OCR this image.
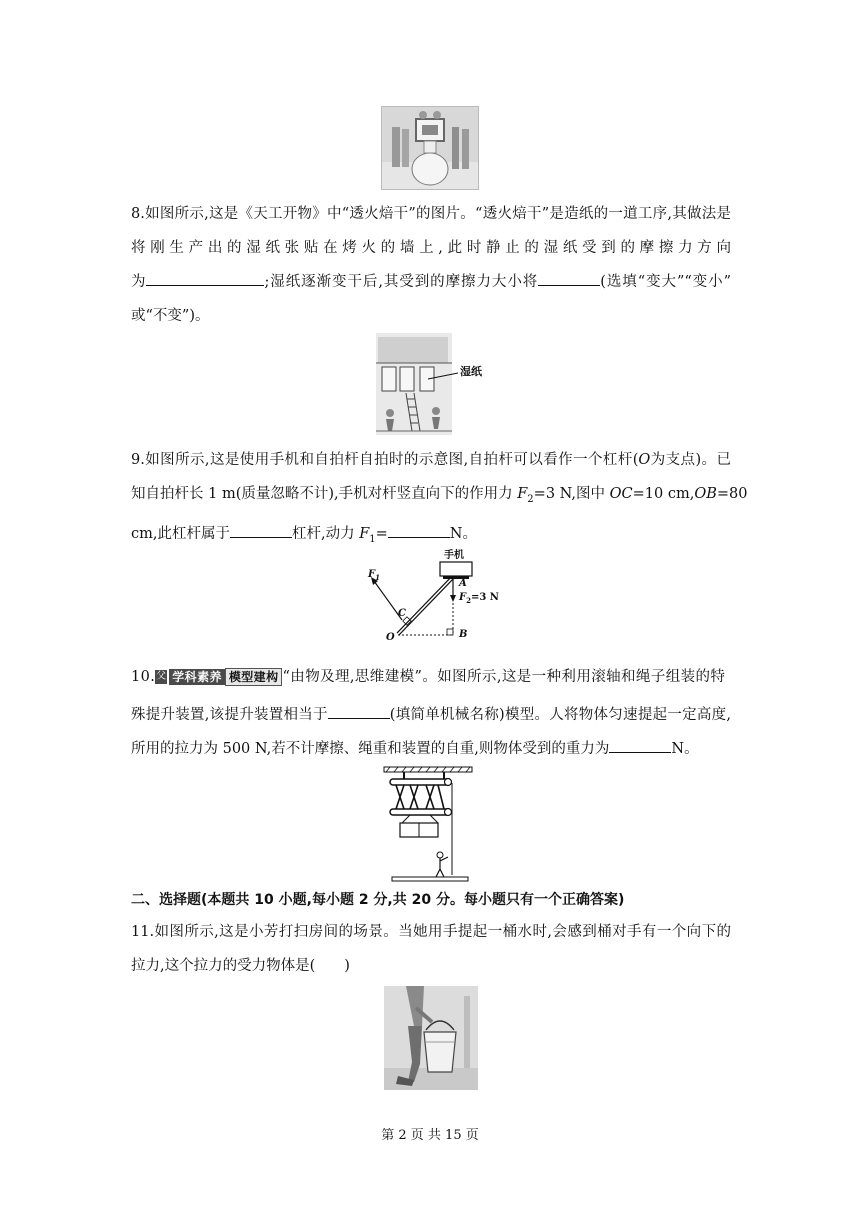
8.如图所示,这是《天工开物》中“透火焙干”的图片。“透火焙干”是造纸的一道工序,其做法是
将刚生产出的湿纸张贴在烤火的墙上,此时静止的湿纸受到的摩擦力方向
为	;湿纸逐渐变干后,其受到的摩擦力大小将	(选填“变大”“变小”
或“不变”)。
湿纸
9.如图所示,这是使用手机和自拍杆自拍时的示意图,自拍杆可以看作一个杠杆(O为支点)。已
知自拍杆长 1 m(质量忽略不计),手机对杆竖直向下的作用力 $F_2=3$ N,图中 OC=10 cm,OB=80
cm,此杠杆属于	杠杆,动力 $F_1=$	N。
手机
$F_1$
A
$F_2=3$ N
C
O	B
10.父 学科素养 模型建构 “由物及理,思维建模”。如图所示,这是一种利用滚轴和绳子组装的特
殊提升装置,该提升装置相当于	(填简单机械名称)模型。人将物体匀速提起一定高度,
所用的拉力为 500 N,若不计摩擦、绳重和装置的自重,则物体受到的重力为	N。
二、选择题(本题共 10 小题,每小题 2 分,共 20 分。每小题只有一个正确答案)
11.如图所示,这是小芳打扫房间的场景。当她用手提起一桶水时,会感到桶对手有一个向下的
拉力,这个拉力的受力物体是(　　)
第 2 页 共 15 页
